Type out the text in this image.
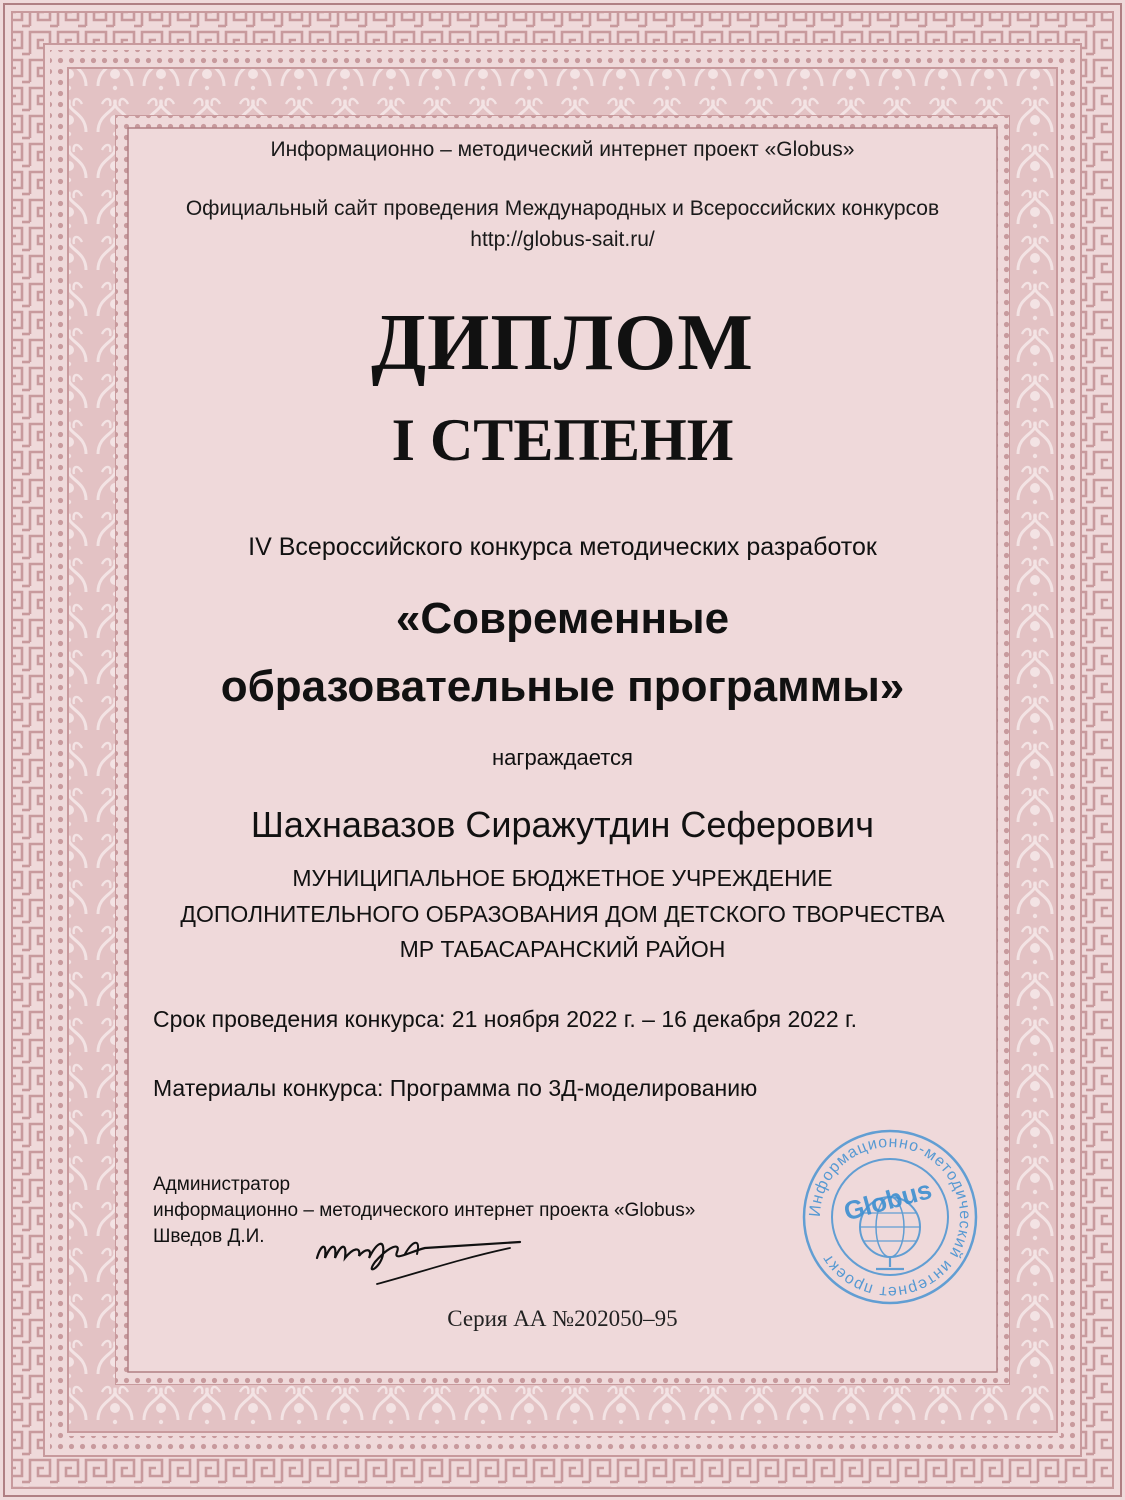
Информационно – методический интернет проект «Globus»
Официальный сайт проведения Международных и Всероссийских конкурсов
http://globus-sait.ru/
ДИПЛОМ
I СТЕПЕНИ
IV Всероссийского конкурса методических разработок
«Современные
образовательные программы»
награждается
Шахнавазов Сиражутдин Сеферович
МУНИЦИПАЛЬНОЕ БЮДЖЕТНОЕ УЧРЕЖДЕНИЕ
ДОПОЛНИТЕЛЬНОГО ОБРАЗОВАНИЯ ДОМ ДЕТСКОГО ТВОРЧЕСТВА
МР ТАБАСАРАНСКИЙ РАЙОН
Срок проведения конкурса: 21 ноября 2022 г. – 16 декабря 2022 г.
Материалы конкурса: Программа по 3Д-моделированию
Администратор
информационно – методического интернет проекта «Globus»
Шведов Д.И.
Информационно-методический интернет проект
Globus
Серия АА №202050–95
